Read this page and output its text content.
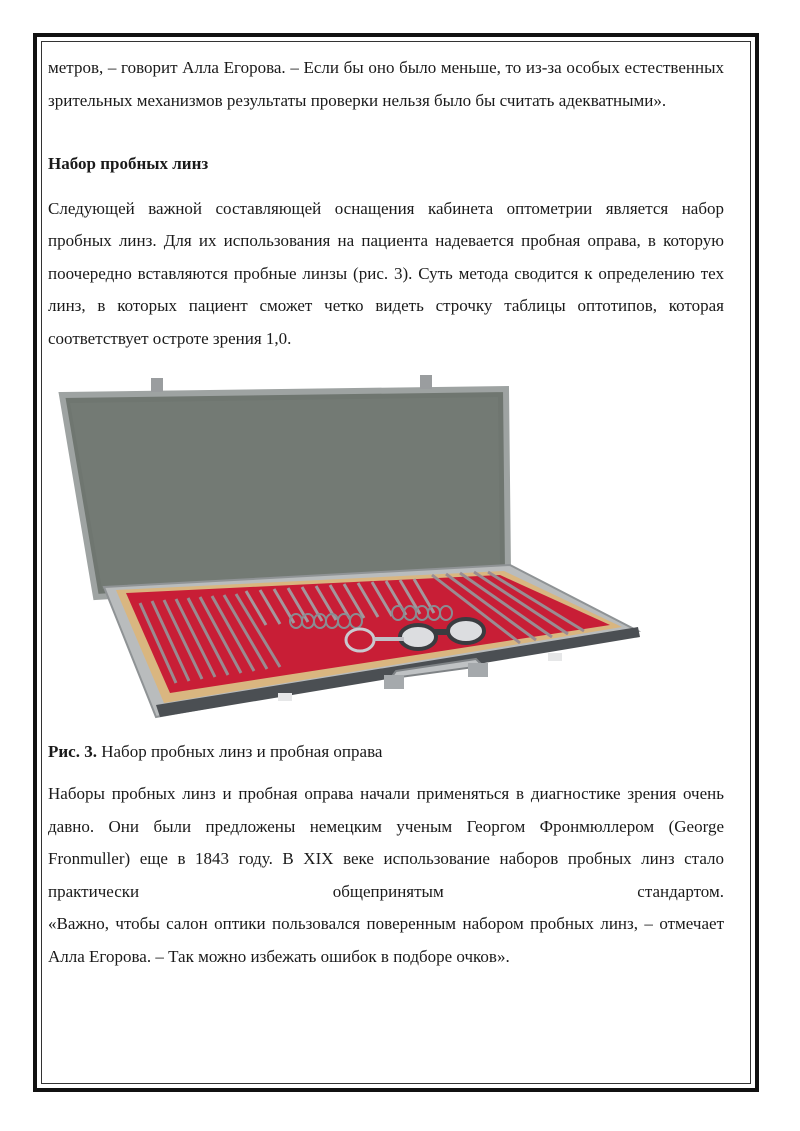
метров, – говорит Алла Егорова. – Если бы оно было меньше, то из-за особых естественных зрительных механизмов результаты проверки нельзя было бы считать адекватными».

Набор пробных линз

Следующей важной составляющей оснащения кабинета оптометрии является набор пробных линз. Для их использования на пациента надевается пробная оправа, в которую поочередно вставляются пробные линзы (рис. 3). Суть метода сводится к определению тех линз, в которых пациент сможет четко видеть строчку таблицы оптотипов, которая соответствует остроте зрения 1,0.

Рис. 3. Набор пробных линз и пробная оправа

Наборы пробных линз и пробная оправа начали применяться в диагностике зрения очень давно. Они были предложены немецким ученым Георгом Фронмюллером (George Fronmuller) еще в 1843 году. В XIX веке использование наборов пробных линз стало практически общепринятым стандартом.

«Важно, чтобы салон оптики пользовался поверенным набором пробных линз, – отмечает Алла Егорова. – Так можно избежать ошибок в подборе очков».
